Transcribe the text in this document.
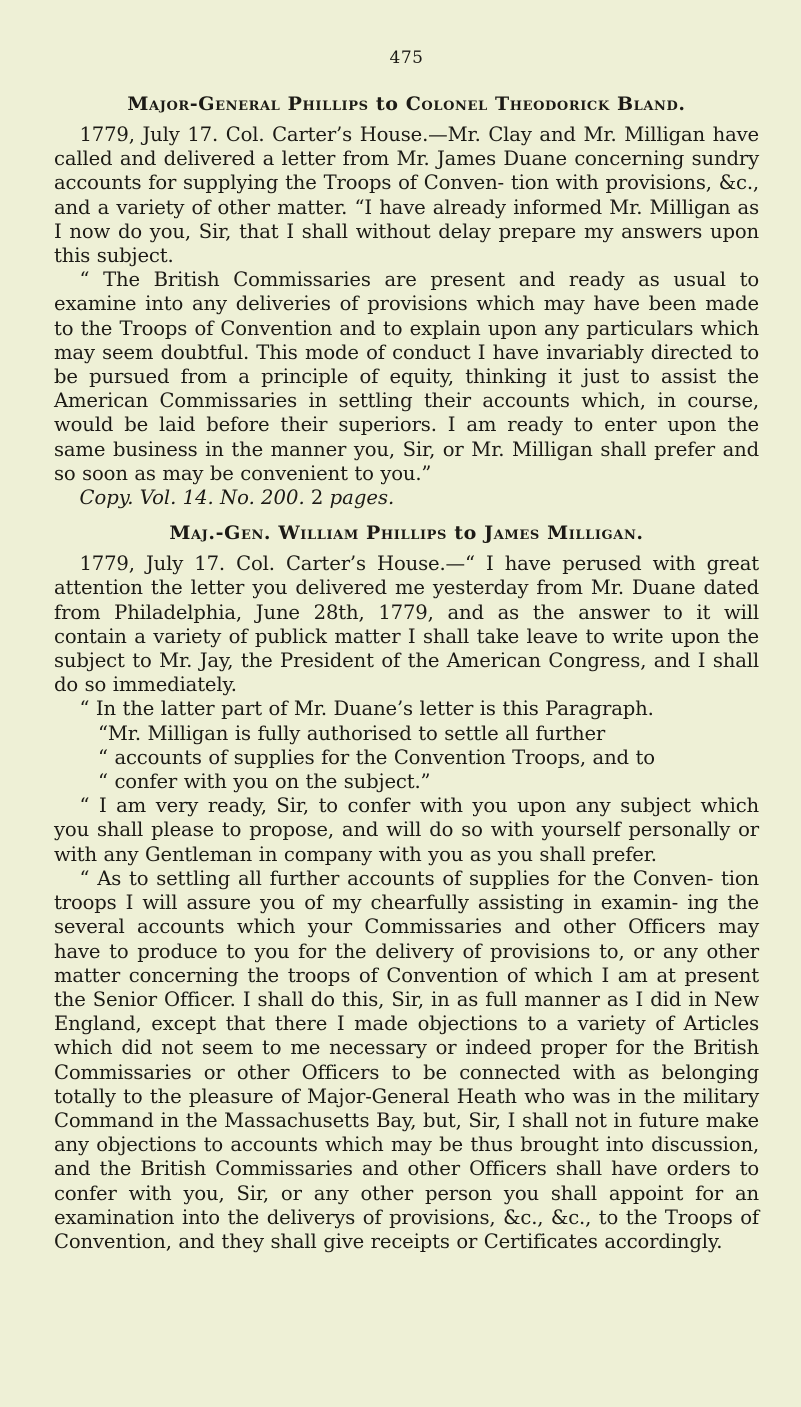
475
Major-General Phillips to Colonel Theodorick Bland.

1779, July 17. Col. Carter’s House.—Mr. Clay and Mr. Milligan have called and delivered a letter from Mr. James Duane concerning sundry accounts for supplying the Troops of Conven- tion with provisions, &c., and a variety of other matter. “I have already informed Mr. Milligan as I now do you, Sir, that I shall without delay prepare my answers upon this subject.

“ The British Commissaries are present and ready as usual to examine into any deliveries of provisions which may have been made to the Troops of Convention and to explain upon any particulars which may seem doubtful. This mode of conduct I have invariably directed to be pursued from a principle of equity, thinking it just to assist the American Commissaries in settling their accounts which, in course, would be laid before their superiors. I am ready to enter upon the same business in the manner you, Sir, or Mr. Milligan shall prefer and so soon as may be convenient to you.”

Copy. Vol. 14. No. 200. 2 pages.

Maj.-Gen. William Phillips to James Milligan.

1779, July 17. Col. Carter’s House.—“ I have perused with great attention the letter you delivered me yesterday from Mr. Duane dated from Philadelphia, June 28th, 1779, and as the answer to it will contain a variety of publick matter I shall take leave to write upon the subject to Mr. Jay, the President of the American Congress, and I shall do so immediately.

“ In the latter part of Mr. Duane’s letter is this Paragraph.

“Mr. Milligan is fully authorised to settle all further

“ accounts of supplies for the Convention Troops, and to

“ confer with you on the subject.”

“ I am very ready, Sir, to confer with you upon any subject which you shall please to propose, and will do so with yourself personally or with any Gentleman in company with you as you shall prefer.

“ As to settling all further accounts of supplies for the Conven- tion troops I will assure you of my chearfully assisting in examin- ing the several accounts which your Commissaries and other Officers may have to produce to you for the delivery of provisions to, or any other matter concerning the troops of Convention of which I am at present the Senior Officer. I shall do this, Sir, in as full manner as I did in New England, except that there I made objections to a variety of Articles which did not seem to me necessary or indeed proper for the British Commissaries or other Officers to be connected with as belonging totally to the pleasure of Major-General Heath who was in the military Command in the Massachusetts Bay, but, Sir, I shall not in future make any objections to accounts which may be thus brought into discussion, and the British Commissaries and other Officers shall have orders to confer with you, Sir, or any other person you shall appoint for an examination into the deliverys of provisions, &c., &c., to the Troops of Convention, and they shall give receipts or Certificates accordingly.
